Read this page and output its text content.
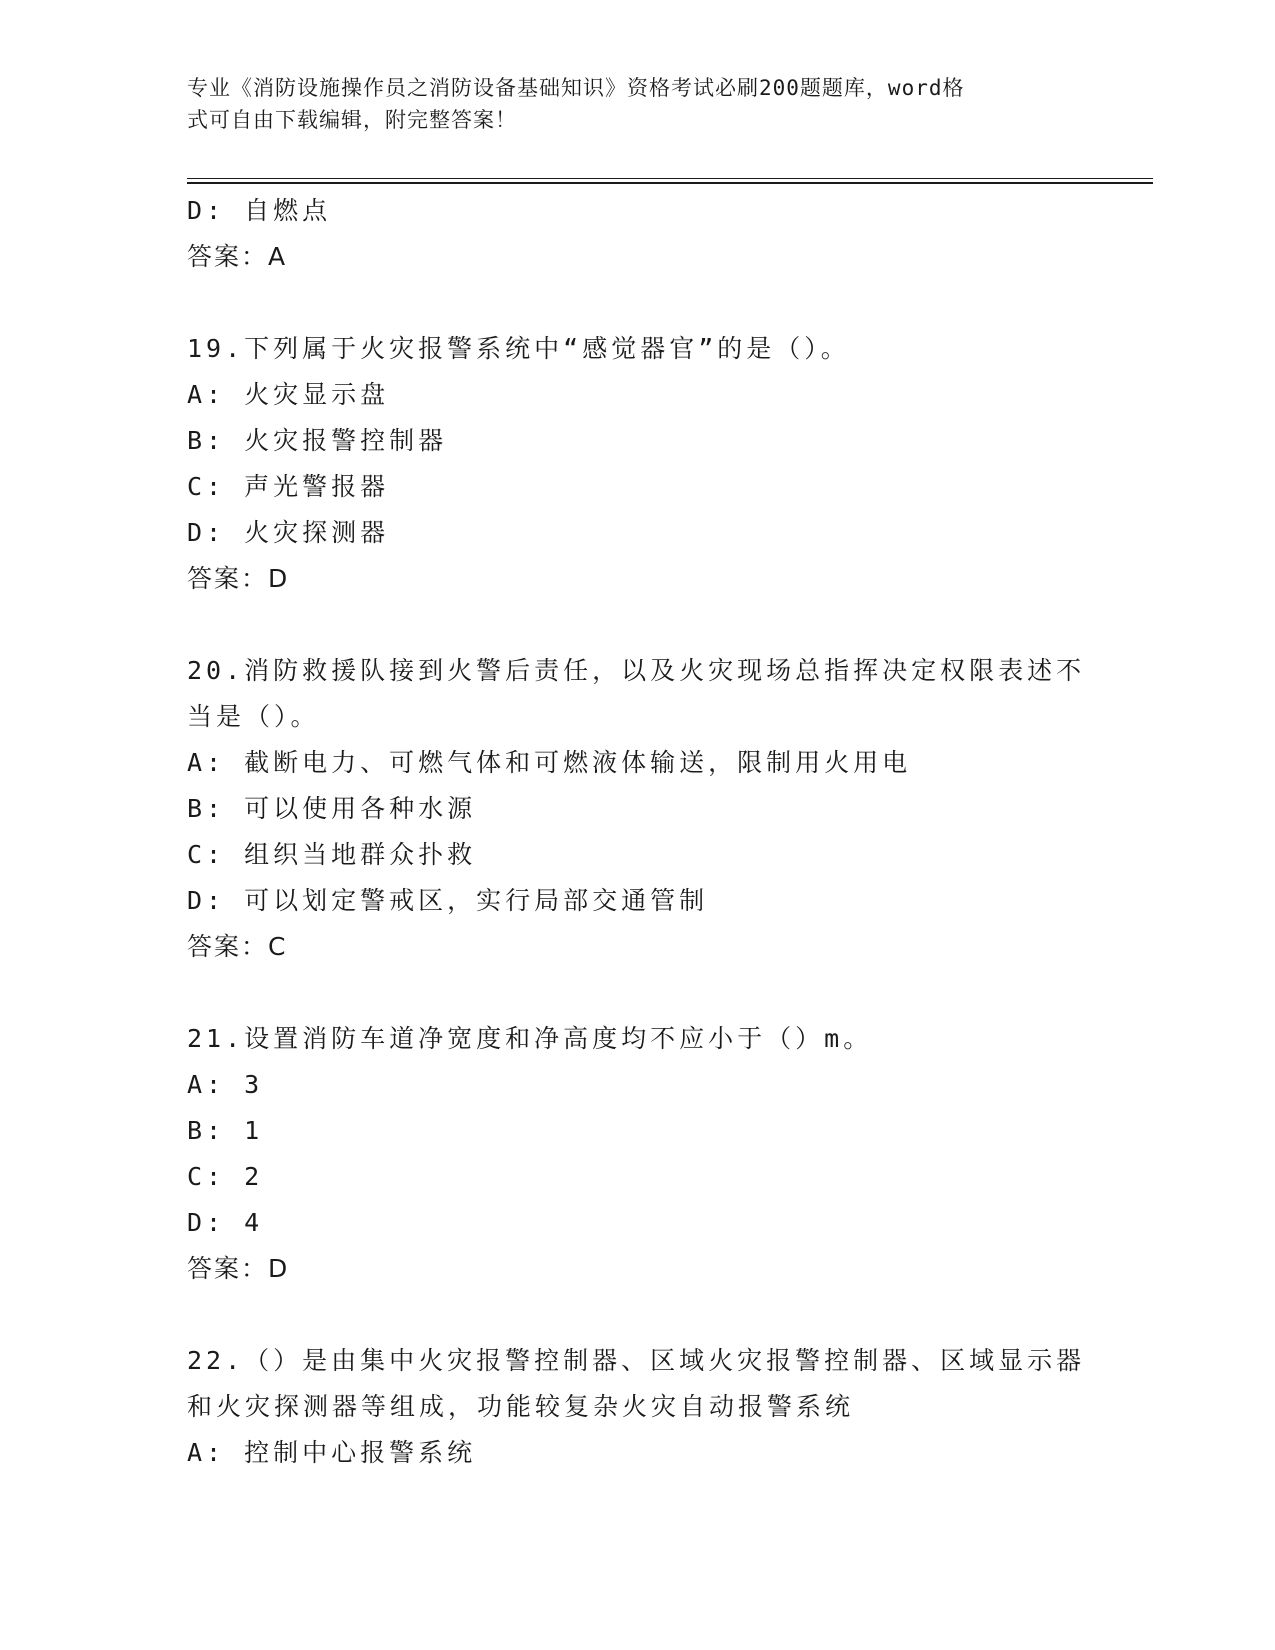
专业《消防设施操作员之消防设备基础知识》资格考试必刷200题题库，word格
式可自由下载编辑，附完整答案！
D: 自燃点
答案：A
19.下列属于火灾报警系统中“感觉器官”的是（）。
A: 火灾显示盘
B: 火灾报警控制器
C: 声光警报器
D: 火灾探测器
答案：D
20.消防救援队接到火警后责任，以及火灾现场总指挥决定权限表述不
当是（）。
A: 截断电力、可燃气体和可燃液体输送，限制用火用电
B: 可以使用各种水源
C: 组织当地群众扑救
D: 可以划定警戒区，实行局部交通管制
答案：C
21.设置消防车道净宽度和净高度均不应小于（）m。
A: 3
B: 1
C: 2
D: 4
答案：D
22.（）是由集中火灾报警控制器、区域火灾报警控制器、区域显示器
和火灾探测器等组成，功能较复杂火灾自动报警系统
A: 控制中心报警系统
